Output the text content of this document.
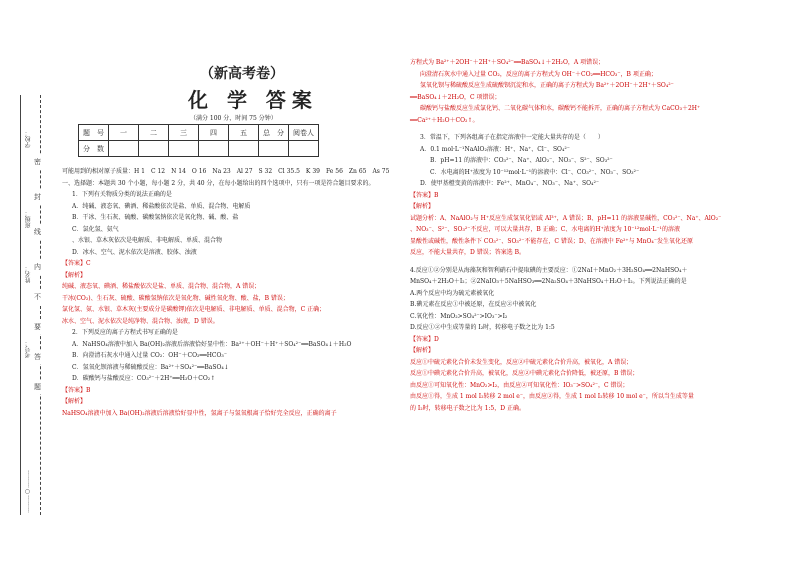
学校：
班级：
姓名：
考号：
………○………
密
封
线
内
不
要
答
题
（新高考卷）
化 学 答案
（满分 100 分，时间 75 分钟）
题　号	一	二	三	四	五	总　分	阅卷人
分　数							
可能用到的相对原子质量：H 1　C 12　N 14　O 16　Na 23　Al 27　S 32　Cl 35.5　K 39　Fe 56　Zn 65　As 75
一、选择题：本题共 30 个小题，每小题 2 分，共 40 分，在每小题给出的四个选项中，只有一项是符合题目要求的。
1．下列有关物质分类的说法正确的是
A．纯碱、液态氧、碘酒、稀盐酸依次是盐、单质、混合物、电解质
B．干冰、生石灰、硫酸、碳酸氢钠依次是氧化物、碱、酸、盐
C．氯化氢、氨气
、水银、草木灰依次是电解质、非电解质、单质、混合物
D．冰水、空气、泥水依次是溶液、胶体、浊液
【答案】C
【解析】
纯碱、液态氧、碘酒、稀盐酸依次是盐、单质、混合物、混合物，A 错误；
干冰(CO₂)、生石灰、硫酸、碳酸氢钠依次是氧化物、碱性氧化物、酸、盐，B 错误；
氯化氢、氨、水银、草木灰(主要成分是碳酸钾)依次是电解质、非电解质、单质、混合物，C 正确；
冰水、空气、泥水依次是纯净物、混合物、浊液，D 错误。
2．下列反应的离子方程式书写正确的是
A．NaHSO₄溶液中加入 Ba(OH)₂溶液后溶液恰好显中性：Ba²⁺＋OH⁻＋H⁺＋SO₄²⁻══BaSO₄↓＋H₂O
B．向澄清石灰水中通入过量 CO₂：OH⁻＋CO₂══HCO₃⁻
C．氢氧化钡溶液与稀硫酸反应：Ba²⁺＋SO₄²⁻══BaSO₄↓
D．碳酸钙与盐酸反应：CO₃²⁻＋2H⁺══H₂O＋CO₂↑
【答案】B
【解析】
NaHSO₄溶液中加入 Ba(OH)₂溶液后溶液恰好显中性，氢离子与氢氧根离子恰好完全反应，正确的离子
方程式为 Ba²⁺＋2OH⁻＋2H⁺＋SO₄²⁻══BaSO₄↓＋2H₂O，A 项错误；
向澄清石灰水中通入过量 CO₂，反应的离子方程式为 OH⁻＋CO₂══HCO₃⁻，B 项正确；
氢氧化钡与稀硫酸反应生成硫酸钡沉淀和水，正确的离子方程式为 Ba²⁺＋2OH⁻＋2H⁺＋SO₄²⁻
══BaSO₄↓＋2H₂O，C 项错误；
碳酸钙与盐酸反应生成氯化钙、二氧化碳气体和水，碳酸钙不能拆开，正确的离子方程式为 CaCO₃＋2H⁺
══Ca²⁺＋H₂O＋CO₂↑。
3．常温下，下列各组离子在指定溶液中一定能大量共存的是（　　）
A．0.1 mol·L⁻¹NaAlO₂溶液：H⁺、Na⁺、Cl⁻、SO₄²⁻
B．pH=11 的溶液中：CO₃²⁻、Na⁺、AlO₂⁻、NO₃⁻、S²⁻、SO₃²⁻
C．水电离的H⁺浓度为 10⁻¹²mol·L⁻¹的溶液中：Cl⁻、CO₃²⁻、NO₃⁻、SO₃²⁻
D．使甲基橙变黄的溶液中：Fe²⁺、MnO₄⁻、NO₃⁻、Na⁺、SO₄²⁻
【答案】B
【解析】
试题分析：A、NaAlO₂与 H⁺反应生成氢氧化铝或 Al³⁺，A 错误；B、pH=11 的溶液显碱性，CO₃²⁻、Na⁺、AlO₂⁻
、NO₃⁻、S²⁻、SO₃²⁻不反应，可以大量共存，B 正确；C、水电离的H⁺浓度为 10⁻¹²mol·L⁻¹的溶液
显酸性或碱性，酸性条件下 CO₃²⁻、SO₃²⁻不能存在，C 错误；D、在溶液中 Fe²⁺与 MnO₄⁻发生氧化还原
反应，不能大量共存，D 错误；答案选 B。
4.反应①②分别是从海藻灰和智利硝石中提取碘的主要反应：①2NaI＋MnO₂＋3H₂SO₄══2NaHSO₄＋
MnSO₄＋2H₂O＋I₂；②2NaIO₃＋5NaHSO₃══2Na₂SO₄＋3NaHSO₄＋H₂O＋I₂。下列说法正确的是
A.两个反应中均为硫元素被氧化
B.碘元素在反应①中被还原，在反应②中被氧化
C.氧化性：MnO₂>SO₄²⁻>IO₃⁻>I₂
D.反应①②中生成等量的 I₂时，转移电子数之比为 1:5
【答案】D
【解析】
反应①中硫元素化合价未发生变化，反应②中硫元素化合价升高，被氧化，A 错误；
反应①中碘元素化合价升高，被氧化，反应②中碘元素化合价降低，被还原，B 错误；
由反应①可知氧化性：MnO₂>I₂，由反应②可知氧化性：IO₃⁻>SO₄²⁻，C 错误；
由反应①得，生成 1 mol I₂转移 2 mol e⁻，由反应②得，生成 1 mol I₂转移 10 mol e⁻，所以当生成等量
的 I₂时，转移电子数之比为 1:5，D 正确。
